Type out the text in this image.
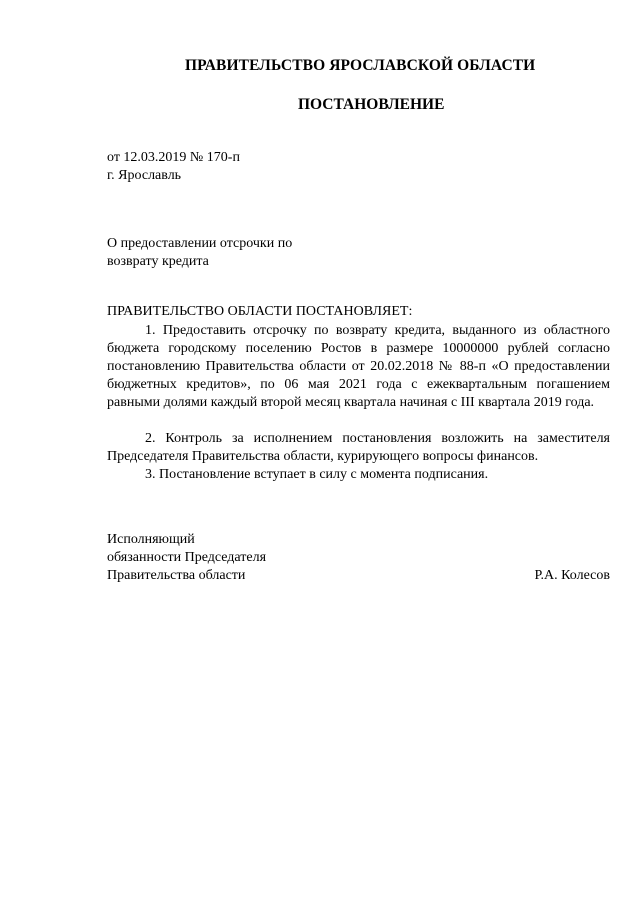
ПРАВИТЕЛЬСТВО ЯРОСЛАВСКОЙ ОБЛАСТИ
ПОСТАНОВЛЕНИЕ
от 12.03.2019 № 170-п
г. Ярославль
О предоставлении отсрочки по
возврату кредита
ПРАВИТЕЛЬСТВО ОБЛАСТИ ПОСТАНОВЛЯЕТ:

1. Предоставить отсрочку по возврату кредита, выданного из областного бюджета городскому поселению Ростов в размере 10000000 рублей согласно постановлению Правительства области от 20.02.2018 № 88-п «О предоставлении бюджетных кредитов», по 06 мая 2021 года с ежеквартальным погашением равными долями каждый второй месяц квартала начиная с III квартала 2019 года.

2. Контроль за исполнением постановления возложить на заместителя Председателя Правительства области, курирующего вопросы финансов.

3. Постановление вступает в силу с момента подписания.

Исполняющий
обязанности Председателя
Правительства области	Р.А. Колесов
